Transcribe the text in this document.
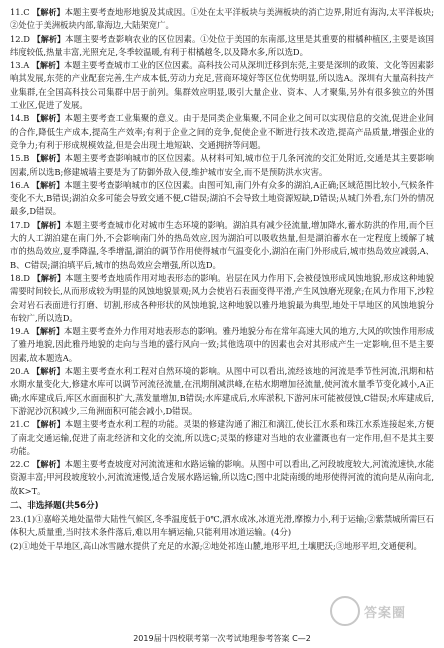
11.C 【解析】本题主要考查地形地貌及其成因。①处在太平洋板块与美洲板块的消亡边界,附近有海沟,太平洋板块;②处位于美洲板块内部,靠海边,大陆架宽广。

12.D 【解析】本题主要考查影响农业的区位因素。①处位于美国的东南部,这里是其重要的柑橘种植区,主要是该国纬度较低,热量丰富,光照充足,冬季较温暖,有利于柑橘越冬,以及降水多,所以选D。

13.A 【解析】本题主要考查城市工业的区位因素。高科技公司从深圳迁移到东莞,主要是深圳的政策、文化等因素影响其发展,东莞的产业配套完善,生产成本低,劳动力充足,营商环境好等区位优势明显,所以选A。深圳有大量高科技产业集群,在全国高科技公司集群中居于前列。集群效应明显,吸引大量企业、资本、人才聚集,另外有很多独立的外围工业区,促进了发展。

14.B 【解析】本题主要考查工业集聚的意义。由于是同类企业集聚,不同企业之间可以实现信息的交流,促进企业间的合作,降低生产成本,提高生产效率;有利于企业之间的竞争,促使企业不断进行技术改造,提高产品质量,增强企业的竞争力;有利于形成规模效益,但是会出现土地短缺、交通拥挤等问题。

15.B 【解析】本题主要考查影响城市的区位因素。从材料可知,城市位于几条河流的交汇处附近,交通是其主要影响因素,所以选B;修建城墙主要是为了防御外敌入侵,维护城市安全,而不是预防洪水灾害。

16.A 【解析】本题主要考查影响城市的区位因素。由图可知,南门外有众多的湖泊,A正确;区域范围比较小,气候条件变化不大,B错误;湖泊众多可能会导致交通不便,C错误;湖泊不会导致土地资源短缺,D错误;从城门外看,东门外的情况最多,D错误。

17.D 【解析】本题主要考查城市化对城市生态环境的影响。湖泊具有减少径流量,增加降水,蓄水防洪的作用,而个巨大的人工湖泊建在南门外,不会影响南门外的热岛效应,因为湖泊可以吸收热量,但是湖泊蓄水在一定程度上缓解了城市的热岛效应,夏季降温,冬季增温,湖泊的调节作用使得城市气温变化小,湖泊在南门外形成后,城市热岛效应减弱,A、B、C错误;湖泊填平后,城市的热岛效应会增强,所以选D。

18.D 【解析】本题主要考查地质作用对地表形态的影响。岩层在风力作用下,会被侵蚀形成风蚀地貌,形成这种地貌需要时间较长,从而形成较为明显的风蚀地貌景观;风力会使岩石表面变得平滑,产生风蚀磨光现象;在风力作用下,沙粒会对岩石表面进行打磨、切割,形成各种形状的风蚀地貌,这种地貌以雅丹地貌最为典型,地处干旱地区的风蚀地貌分布较广,所以选D。

19.A 【解析】本题主要考查外力作用对地表形态的影响。雅丹地貌分布在常年高速大风的地方,大风的吹蚀作用形成了雅丹地貌,因此雅丹地貌的走向与当地的盛行风向一致;其他选项中的因素也会对其形成产生一定影响,但不是主要因素,故本题选A。

20.A 【解析】本题主要考查水利工程对自然环境的影响。从图中可以看出,流经该地的河流是季节性河流,汛期和枯水期水量变化大,修建水库可以调节河流径流量,在汛期削减洪峰,在枯水期增加径流量,使河流水量季节变化减小,A正确;水库建成后,库区水面面积扩大,蒸发量增加,B错误;水库建成后,水库淤积,下游河床可能被侵蚀,C错误;水库建成后,下游泥沙沉积减少,三角洲面积可能会减小,D错误。

21.C 【解析】本题主要考查水利工程的功能。灵渠的修建沟通了湘江和漓江,使长江水系和珠江水系连接起来,方便了南北交通运输,促进了南北经济和文化的交流,所以选C;灵渠的修建对当地的农业灌溉也有一定作用,但不是其主要功能。

22.C 【解析】本题主要考查坡度对河流流速和水路运输的影响。从图中可以看出,乙河段坡度较大,河流流速快,水能资源丰富;甲河段坡度较小,河流流速慢,适合发展水路运输,所以选C;图中北陡南缓的地形使得河流的流向是从南向北,故K>T。

二、非选择题(共56分)

23.(1)①嘉峪关地处温带大陆性气候区,冬季温度低于0℃,洒水成冰,冰道光滑,摩擦力小,利于运输;②紫禁城所需巨石体积大,质量重,当时技术条件落后,难以用车辆运输,只能利用冰道运输。(4分)

(2)①地处干旱地区,高山冰雪融水提供了充足的水源;②地处祁连山麓,地形平坦,土壤肥沃;③地形平坦,交通便利。

答案圈
2019届十四校联考第一次考试地理参考答案 C—2
